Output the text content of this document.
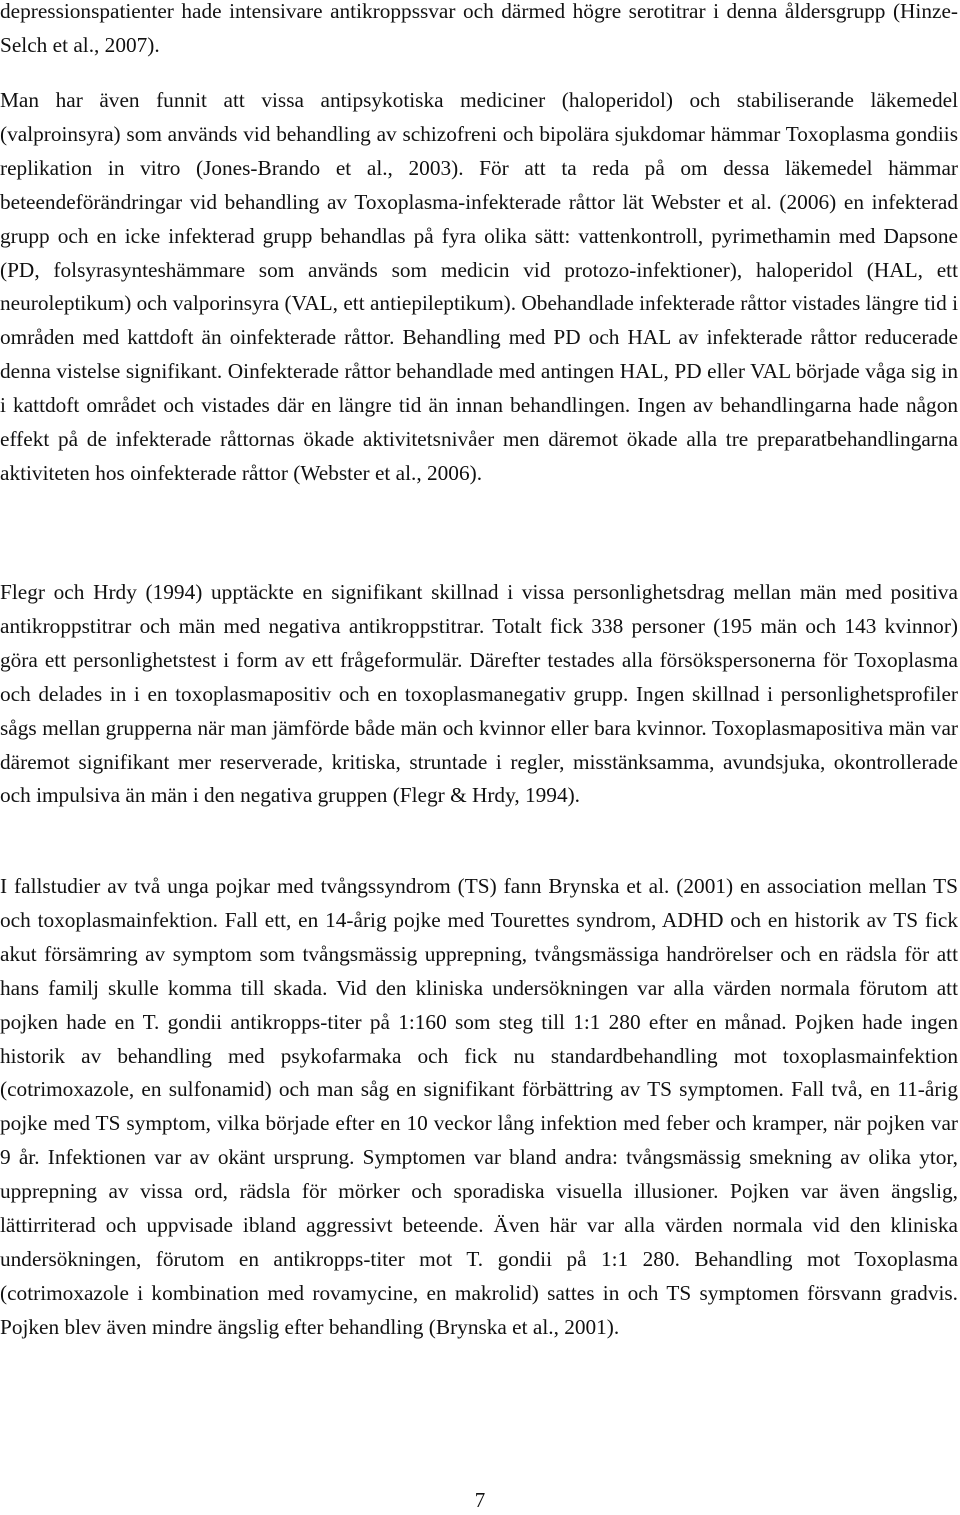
depressionspatienter hade intensivare antikroppssvar och därmed högre serotitrar i denna åldersgrupp (Hinze-Selch et al., 2007).

Man har även funnit att vissa antipsykotiska mediciner (haloperidol) och stabiliserande läkemedel (valproinsyra) som används vid behandling av schizofreni och bipolära sjukdomar hämmar Toxoplasma gondiis replikation in vitro (Jones-Brando et al., 2003). För att ta reda på om dessa läkemedel hämmar beteendeförändringar vid behandling av Toxoplasma-infekterade råttor lät Webster et al. (2006) en infekterad grupp och en icke infekterad grupp behandlas på fyra olika sätt: vattenkontroll, pyrimethamin med Dapsone (PD, folsyrasynteshämmare som används som medicin vid protozo-infektioner), haloperidol (HAL, ett neuroleptikum) och valporinsyra (VAL, ett antiepileptikum). Obehandlade infekterade råttor vistades längre tid i områden med kattdoft än oinfekterade råttor. Behandling med PD och HAL av infekterade råttor reducerade denna vistelse signifikant. Oinfekterade råttor behandlade med antingen HAL, PD eller VAL började våga sig in i kattdoft området och vistades där en längre tid än innan behandlingen. Ingen av behandlingarna hade någon effekt på de infekterade råttornas ökade aktivitetsnivåer men däremot ökade alla tre preparatbehandlingarna aktiviteten hos oinfekterade råttor (Webster et al., 2006).

Flegr och Hrdy (1994) upptäckte en signifikant skillnad i vissa personlighetsdrag mellan män med positiva antikroppstitrar och män med negativa antikroppstitrar. Totalt fick 338 personer (195 män och 143 kvinnor) göra ett personlighetstest i form av ett frågeformulär. Därefter testades alla försökspersonerna för Toxoplasma och delades in i en toxoplasmapositiv och en toxoplasmanegativ grupp. Ingen skillnad i personlighetsprofiler sågs mellan grupperna när man jämförde både män och kvinnor eller bara kvinnor. Toxoplasmapositiva män var däremot signifikant mer reserverade, kritiska, struntade i regler, misstänksamma, avundsjuka, okontrollerade och impulsiva än män i den negativa gruppen (Flegr & Hrdy, 1994).

I fallstudier av två unga pojkar med tvångssyndrom (TS) fann Brynska et al. (2001) en association mellan TS och toxoplasmainfektion. Fall ett, en 14-årig pojke med Tourettes syndrom, ADHD och en historik av TS fick akut försämring av symptom som tvångsmässig upprepning, tvångsmässiga handrörelser och en rädsla för att hans familj skulle komma till skada. Vid den kliniska undersökningen var alla värden normala förutom att pojken hade en T. gondii antikropps-titer på 1:160 som steg till 1:1 280 efter en månad. Pojken hade ingen historik av behandling med psykofarmaka och fick nu standardbehandling mot toxoplasmainfektion (cotrimoxazole, en sulfonamid) och man såg en signifikant förbättring av TS symptomen. Fall två, en 11-årig pojke med TS symptom, vilka började efter en 10 veckor lång infektion med feber och kramper, när pojken var 9 år. Infektionen var av okänt ursprung. Symptomen var bland andra: tvångsmässig smekning av olika ytor, upprepning av vissa ord, rädsla för mörker och sporadiska visuella illusioner. Pojken var även ängslig, lättirriterad och uppvisade ibland aggressivt beteende. Även här var alla värden normala vid den kliniska undersökningen, förutom en antikropps-titer mot T. gondii på 1:1 280. Behandling mot Toxoplasma (cotrimoxazole i kombination med rovamycine, en makrolid) sattes in och TS symptomen försvann gradvis. Pojken blev även mindre ängslig efter behandling (Brynska et al., 2001).

7
